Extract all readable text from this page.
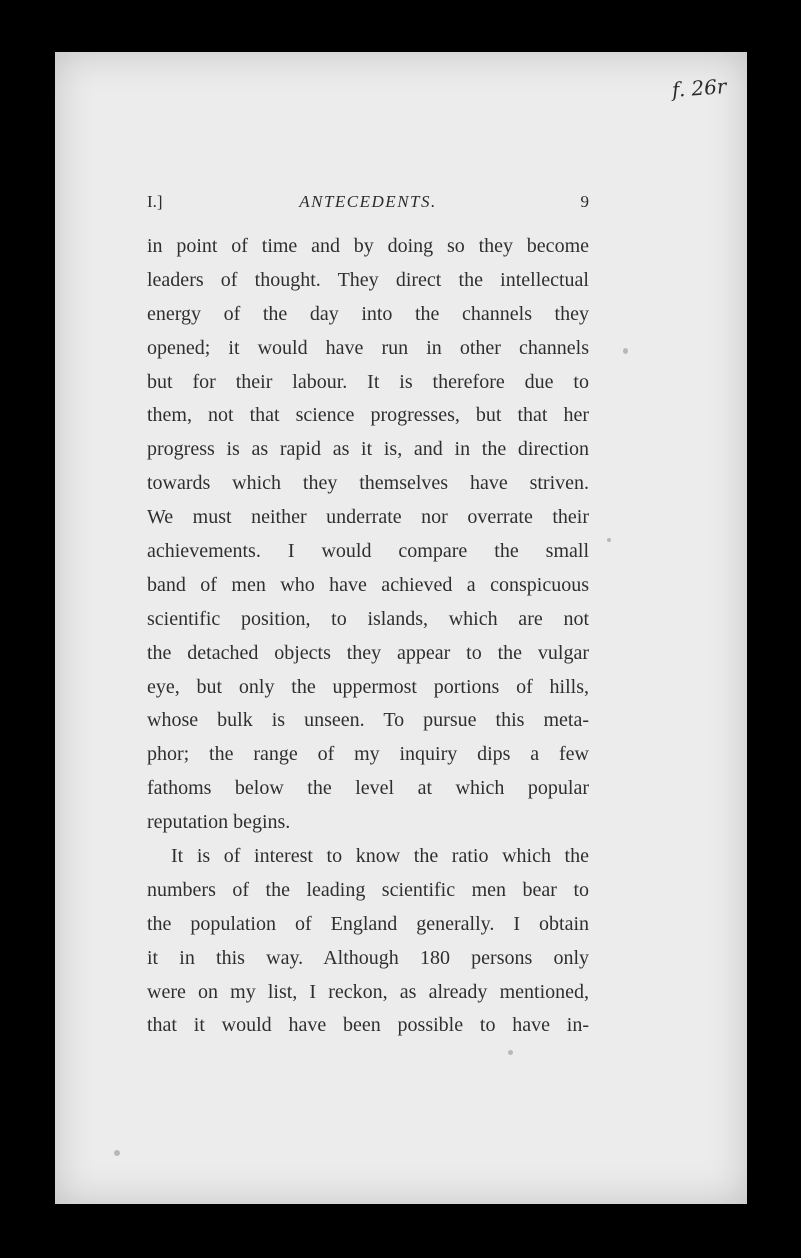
f. 26r
I.]	ANTECEDENTS.	9
in point of time and by doing so they become
leaders of thought. They direct the intellectual
energy of the day into the channels they
opened; it would have run in other channels
but for their labour. It is therefore due to
them, not that science progresses, but that her
progress is as rapid as it is, and in the direction
towards which they themselves have striven.
We must neither underrate nor overrate their
achievements. I would compare the small
band of men who have achieved a conspicuous
scientific position, to islands, which are not
the detached objects they appear to the vulgar
eye, but only the uppermost portions of hills,
whose bulk is unseen. To pursue this meta-
phor; the range of my inquiry dips a few
fathoms below the level at which popular
reputation begins.
It is of interest to know the ratio which the
numbers of the leading scientific men bear to
the population of England generally. I obtain
it in this way. Although 180 persons only
were on my list, I reckon, as already mentioned,
that it would have been possible to have in-
